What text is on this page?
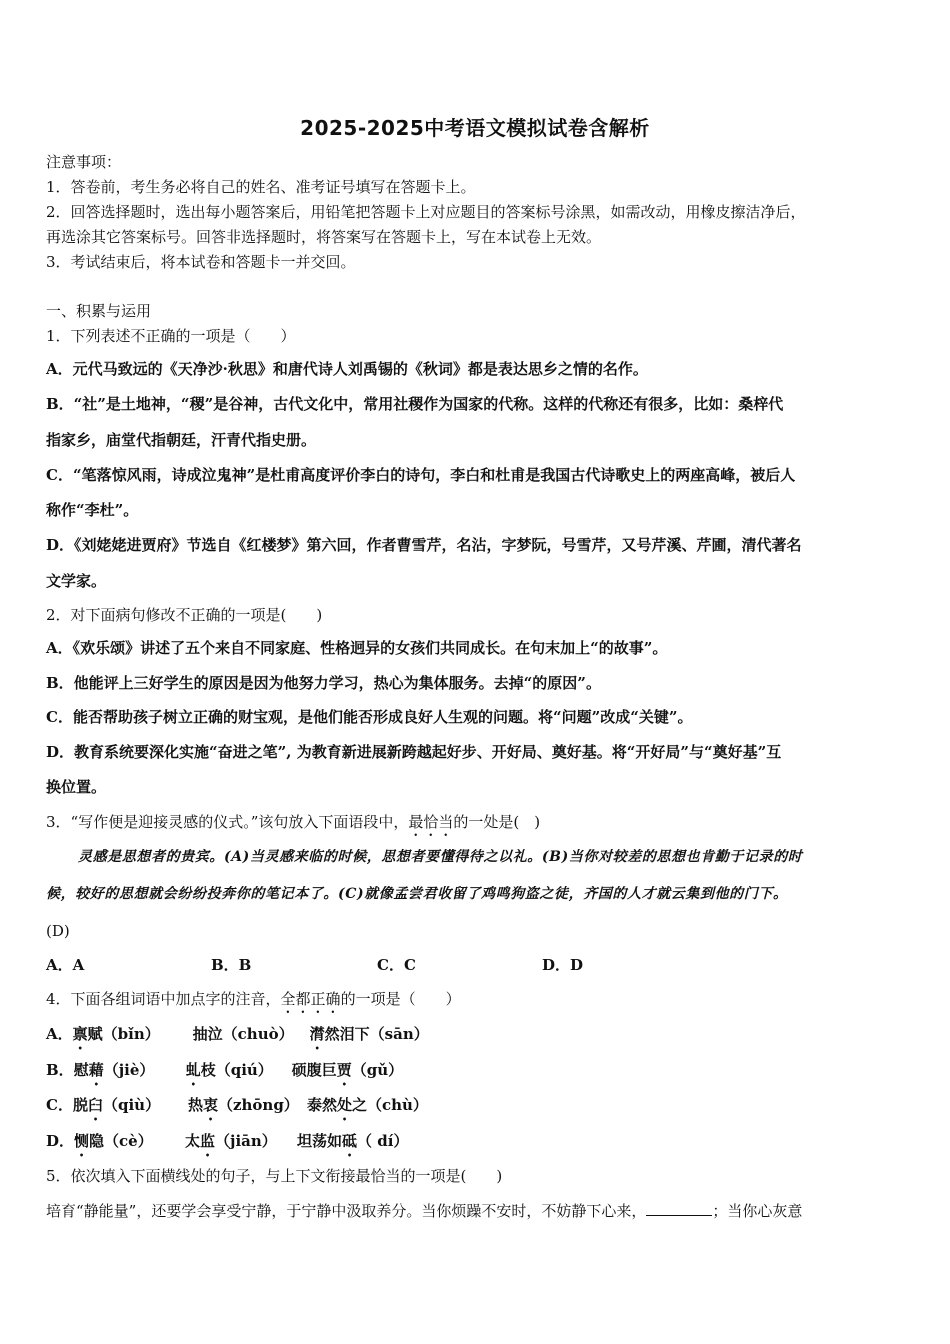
2025-2025中考语文模拟试卷含解析
注意事项：
1．答卷前，考生务必将自己的姓名、准考证号填写在答题卡上。
2．回答选择题时，选出每小题答案后，用铅笔把答题卡上对应题目的答案标号涂黑，如需改动，用橡皮擦洁净后，
再选涂其它答案标号。回答非选择题时，将答案写在答题卡上，写在本试卷上无效。
3．考试结束后，将本试卷和答题卡一并交回。
一、积累与运用
1．下列表述不正确的一项是（　　）
A．元代马致远的《天净沙·秋思》和唐代诗人刘禹锡的《秋词》都是表达思乡之情的名作。
B．“社”是土地神，“稷”是谷神，古代文化中，常用社稷作为国家的代称。这样的代称还有很多，比如：桑梓代
指家乡，庙堂代指朝廷，汗青代指史册。
C．“笔落惊风雨，诗成泣鬼神”是杜甫高度评价李白的诗句，李白和杜甫是我国古代诗歌史上的两座高峰，被后人
称作“李杜”。
D．《刘姥姥进贾府》节选自《红楼梦》第六回，作者曹雪芹，名沾，字梦阮，号雪芹，又号芹溪、芹圃，清代著名
文学家。
2．对下面病句修改不正确的一项是(　　)
A．《欢乐颂》讲述了五个来自不同家庭、性格迥异的女孩们共同成长。在句末加上“的故事”。
B．他能评上三好学生的原因是因为他努力学习，热心为集体服务。去掉“的原因”。
C．能否帮助孩子树立正确的财宝观，是他们能否形成良好人生观的问题。将“问题”改成“关键”。
D．教育系统要深化实施“奋进之笔”, 为教育新进展新跨越起好步、开好局、奠好基。将“开好局”与“奠好基”互
换位置。
3．“写作便是迎接灵感的仪式。”该句放入下面语段中，最恰当的一处是(　)
灵感是思想者的贵宾。(A)当灵感来临的时候，思想者要懂得待之以礼。(B)当你对较差的思想也肯勤于记录的时
候，较好的思想就会纷纷投奔你的笔记本了。(C)就像孟尝君收留了鸡鸣狗盗之徒，齐国的人才就云集到他的门下。
(D)
A．A	B．B	C．C	D．D
4．下面各组词语中加点字的注音，全都正确的一项是（　　）
A．禀赋（bǐn） 抽泣（chuò） 潸然泪下（sān）
B．慰藉（jiè） 虬枝（qiú） 硕腹巨贾（gǔ）
C．脱臼（qiù） 热衷（zhōng） 泰然处之（chù）
D．恻隐（cè） 太监（jiān） 坦荡如砥（ dí）
5．依次填入下面横线处的句子，与上下文衔接最恰当的一项是(　　)
培育“静能量”，还要学会享受宁静，于宁静中汲取养分。当你烦躁不安时，不妨静下心来，	；当你心灰意
